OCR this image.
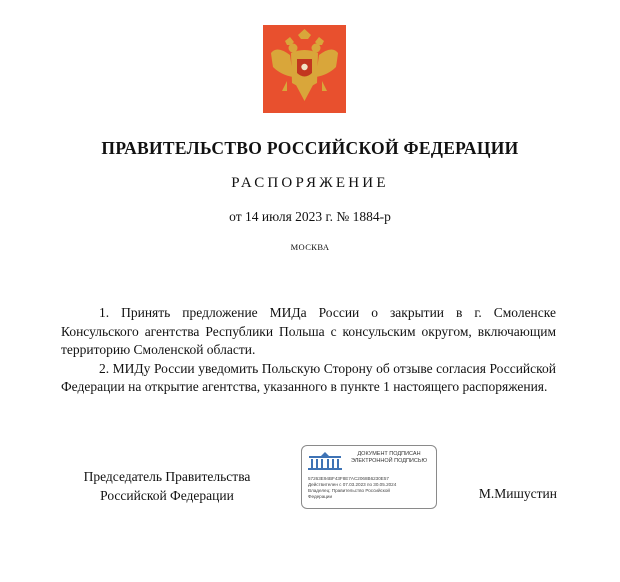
ПРАВИТЕЛЬСТВО РОССИЙСКОЙ ФЕДЕРАЦИИ
РАСПОРЯЖЕНИЕ
от 14 июля 2023 г. № 1884-р
МОСКВА

1. Принять предложение МИДа России о закрытии в г. Смоленске Консульского агентства Республики Польша с консульским округом, включающим территорию Смоленской области.

2. МИДу России уведомить Польскую Сторону об отзыве согласия Российской Федерации на открытие агентства, указанного в пункте 1 настоящего распоряжения.

Председатель Правительства
Российской Федерации
ДОКУМЕНТ ПОДПИСАН
ЭЛЕКТРОННОЙ ПОДПИСЬЮ
57263E94BF43F8E7AC2068B6230E57
Действителен с 07.03.2023 по 30.05.2024
Владелец: Правительство Российской
Федерации	М.Мишустин
